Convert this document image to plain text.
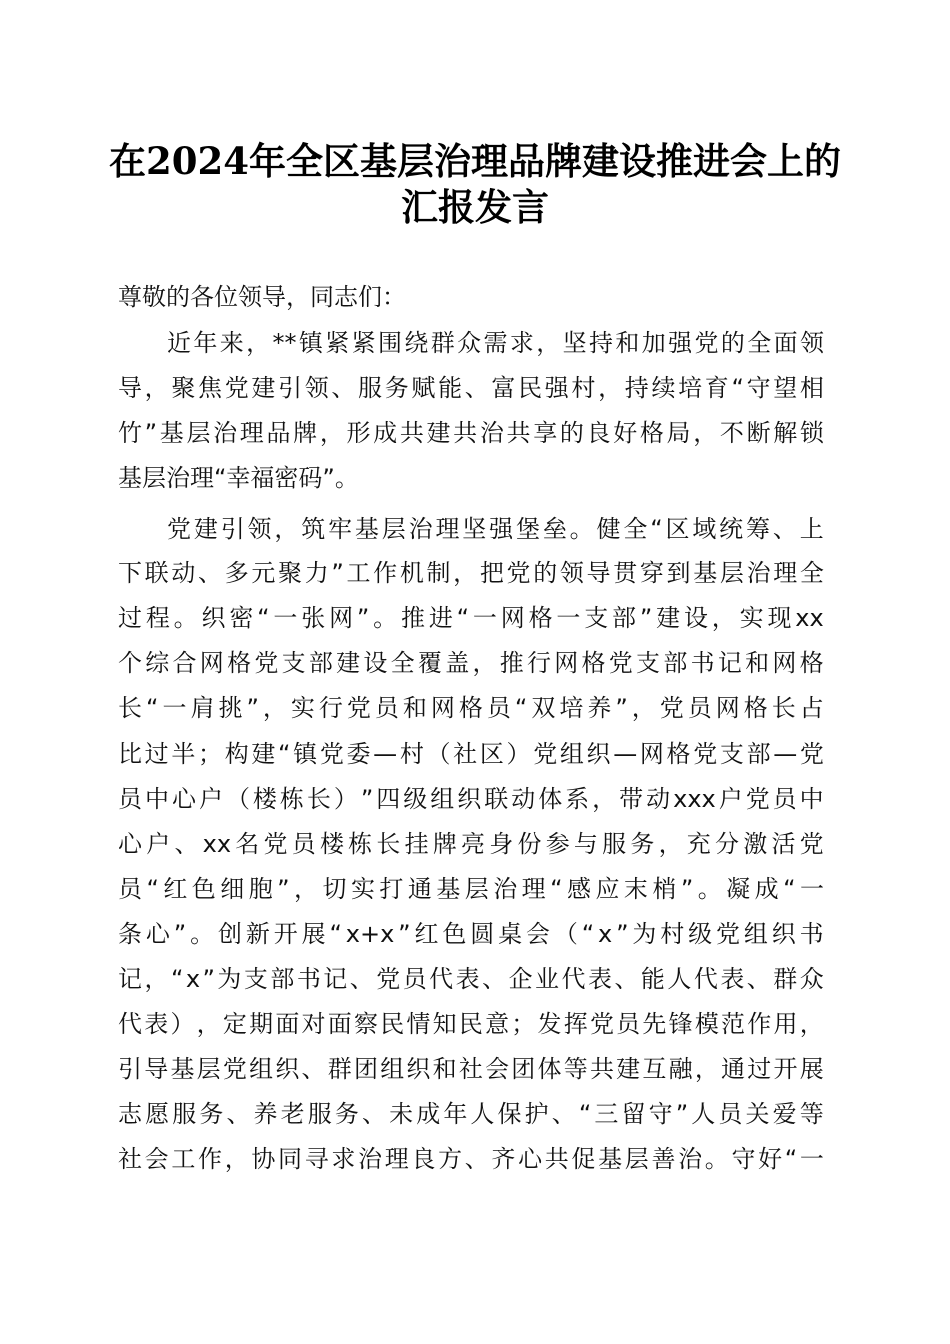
在2024年全区基层治理品牌建设推进会上的
汇报发言
尊敬的各位领导，同志们：
近 年 来 ， ** 镇 紧 紧 围 绕 群 众 需 求 ， 坚 持 和 加 强 党 的 全 面 领
导 ， 聚 焦 党 建 引 领 、 服 务 赋 能 、 富 民 强 村 ， 持 续 培 育 “ 守 望 相
竹 ” 基 层 治 理 品 牌 ， 形 成 共 建 共 治 共 享 的 良 好 格 局 ， 不 断 解 锁
基层治理“幸福密码”。
党 建 引 领 ， 筑 牢 基 层 治 理 坚 强 堡 垒 。 健 全 “ 区 域 统 筹 、 上
下 联 动 、 多 元 聚 力 ” 工 作 机 制 ， 把 党 的 领 导 贯 穿 到 基 层 治 理 全
过 程 。 织 密 “ 一 张 网 ” 。 推 进 “ 一 网 格 一 支 部 ” 建 设 ， 实 现 xx
个 综 合 网 格 党 支 部 建 设 全 覆 盖 ， 推 行 网 格 党 支 部 书 记 和 网 格
长 “ 一 肩 挑 ” ， 实 行 党 员 和 网 格 员 “ 双 培 养 ” ， 党 员 网 格 长 占
比 过 半 ； 构 建 “ 镇 党 委 — 村 （ 社 区 ） 党 组 织 — 网 格 党 支 部 — 党
员 中 心 户 （ 楼 栋 长 ） ” 四 级 组 织 联 动 体 系 ， 带 动 xxx 户 党 员 中
心 户 、 xx 名 党 员 楼 栋 长 挂 牌 亮 身 份 参 与 服 务 ， 充 分 激 活 党
员 “ 红 色 细 胞 ” ， 切 实 打 通 基 层 治 理 “ 感 应 末 梢 ” 。 凝 成 “ 一
条 心 ” 。 创 新 开 展 “ x+x ” 红 色 圆 桌 会 （ “ x ” 为 村 级 党 组 织 书
记 ， “ x ” 为 支 部 书 记 、 党 员 代 表 、 企 业 代 表 、 能 人 代 表 、 群 众
代 表 ） ， 定 期 面 对 面 察 民 情 知 民 意 ； 发 挥 党 员 先 锋 模 范 作 用 ，
引 导 基 层 党 组 织 、 群 团 组 织 和 社 会 团 体 等 共 建 互 融 ， 通 过 开 展
志 愿 服 务 、 养 老 服 务 、 未 成 年 人 保 护 、 “ 三 留 守 ” 人 员 关 爱 等
社 会 工 作 ， 协 同 寻 求 治 理 良 方 、 齐 心 共 促 基 层 善 治 。 守 好 “ 一
